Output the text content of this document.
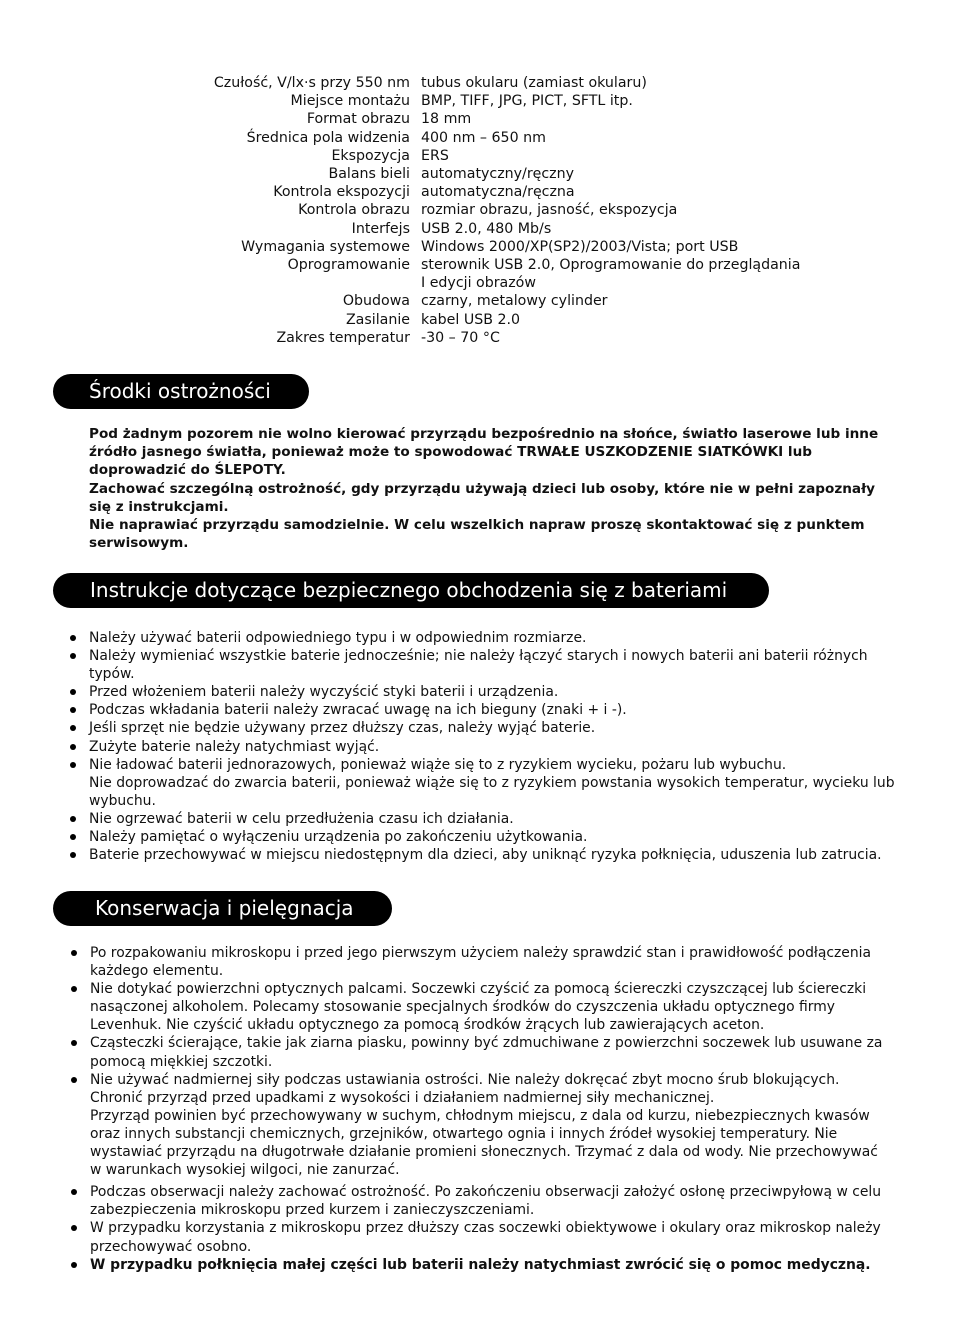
Czułość, V/lx·s przy 550 nm tubus okularu (zamiast okularu)
Miejsce montażu BMP, TIFF, JPG, PICT, SFTL itp.
Format obrazu 18 mm
Średnica pola widzenia 400 nm – 650 nm
Ekspozycja ERS
Balans bieli automatyczny/ręczny
Kontrola ekspozycji automatyczna/ręczna
Kontrola obrazu rozmiar obrazu, jasność, ekspozycja
Interfejs USB 2.0, 480 Mb/s
Wymagania systemowe Windows 2000/XP(SP2)/2003/Vista; port USB
Oprogramowanie sterownik USB 2.0, Oprogramowanie do przeglądania
I edycji obrazów
Obudowa czarny, metalowy cylinder
Zasilanie kabel USB 2.0
Zakres temperatur -30 – 70 °C
Środki ostrożności

Pod żadnym pozorem nie wolno kierować przyrządu bezpośrednio na słońce, światło laserowe lub inne źródło jasnego światła, ponieważ może to spowodować TRWAŁE USZKODZENIE SIATKÓWKI lub doprowadzić do ŚLEPOTY.

Zachować szczególną ostrożność, gdy przyrządu używają dzieci lub osoby, które nie w pełni zapoznały się z instrukcjami.

Nie naprawiać przyrządu samodzielnie. W celu wszelkich napraw proszę skontaktować się z punktem serwisowym.

Instrukcje dotyczące bezpiecznego obchodzenia się z bateriami
Należy używać baterii odpowiedniego typu i w odpowiednim rozmiarze.
Należy wymieniać wszystkie baterie jednocześnie; nie należy łączyć starych i nowych baterii ani baterii różnych typów.
Przed włożeniem baterii należy wyczyścić styki baterii i urządzenia.
Podczas wkładania baterii należy zwracać uwagę na ich bieguny (znaki + i -).
Jeśli sprzęt nie będzie używany przez dłuższy czas, należy wyjąć baterie.
Zużyte baterie należy natychmiast wyjąć.
Nie ładować baterii jednorazowych, ponieważ wiąże się to z ryzykiem wycieku, pożaru lub wybuchu.
Nie doprowadzać do zwarcia baterii, ponieważ wiąże się to z ryzykiem powstania wysokich temperatur, wycieku lub wybuchu.
Nie ogrzewać baterii w celu przedłużenia czasu ich działania.
Należy pamiętać o wyłączeniu urządzenia po zakończeniu użytkowania.
Baterie przechowywać w miejscu niedostępnym dla dzieci, aby uniknąć ryzyka połknięcia, uduszenia lub zatrucia.
Konserwacja i pielęgnacja
Po rozpakowaniu mikroskopu i przed jego pierwszym użyciem należy sprawdzić stan i prawidłowość podłączenia każdego elementu.
Nie dotykać powierzchni optycznych palcami. Soczewki czyścić za pomocą ściereczki czyszczącej lub ściereczki nasączonej alkoholem. Polecamy stosowanie specjalnych środków do czyszczenia układu optycznego firmy Levenhuk. Nie czyścić układu optycznego za pomocą środków żrących lub zawierających aceton.
Cząsteczki ścierające, takie jak ziarna piasku, powinny być zdmuchiwane z powierzchni soczewek lub usuwane za pomocą miękkiej szczotki.
Nie używać nadmiernej siły podczas ustawiania ostrości. Nie należy dokręcać zbyt mocno śrub blokujących. Chronić przyrząd przed upadkami z wysokości i działaniem nadmiernej siły mechanicznej.
Przyrząd powinien być przechowywany w suchym, chłodnym miejscu, z dala od kurzu, niebezpiecznych kwasów oraz innych substancji chemicznych, grzejników, otwartego ognia i innych źródeł wysokiej temperatury. Nie wystawiać przyrządu na długotrwałe działanie promieni słonecznych. Trzymać z dala od wody. Nie przechowywać w warunkach wysokiej wilgoci, nie zanurzać.
Podczas obserwacji należy zachować ostrożność. Po zakończeniu obserwacji założyć osłonę przeciwpyłową w celu zabezpieczenia mikroskopu przed kurzem i zanieczyszczeniami.
W przypadku korzystania z mikroskopu przez dłuższy czas soczewki obiektywowe i okulary oraz mikroskop należy przechowywać osobno.
W przypadku połknięcia małej części lub baterii należy natychmiast zwrócić się o pomoc medyczną.
